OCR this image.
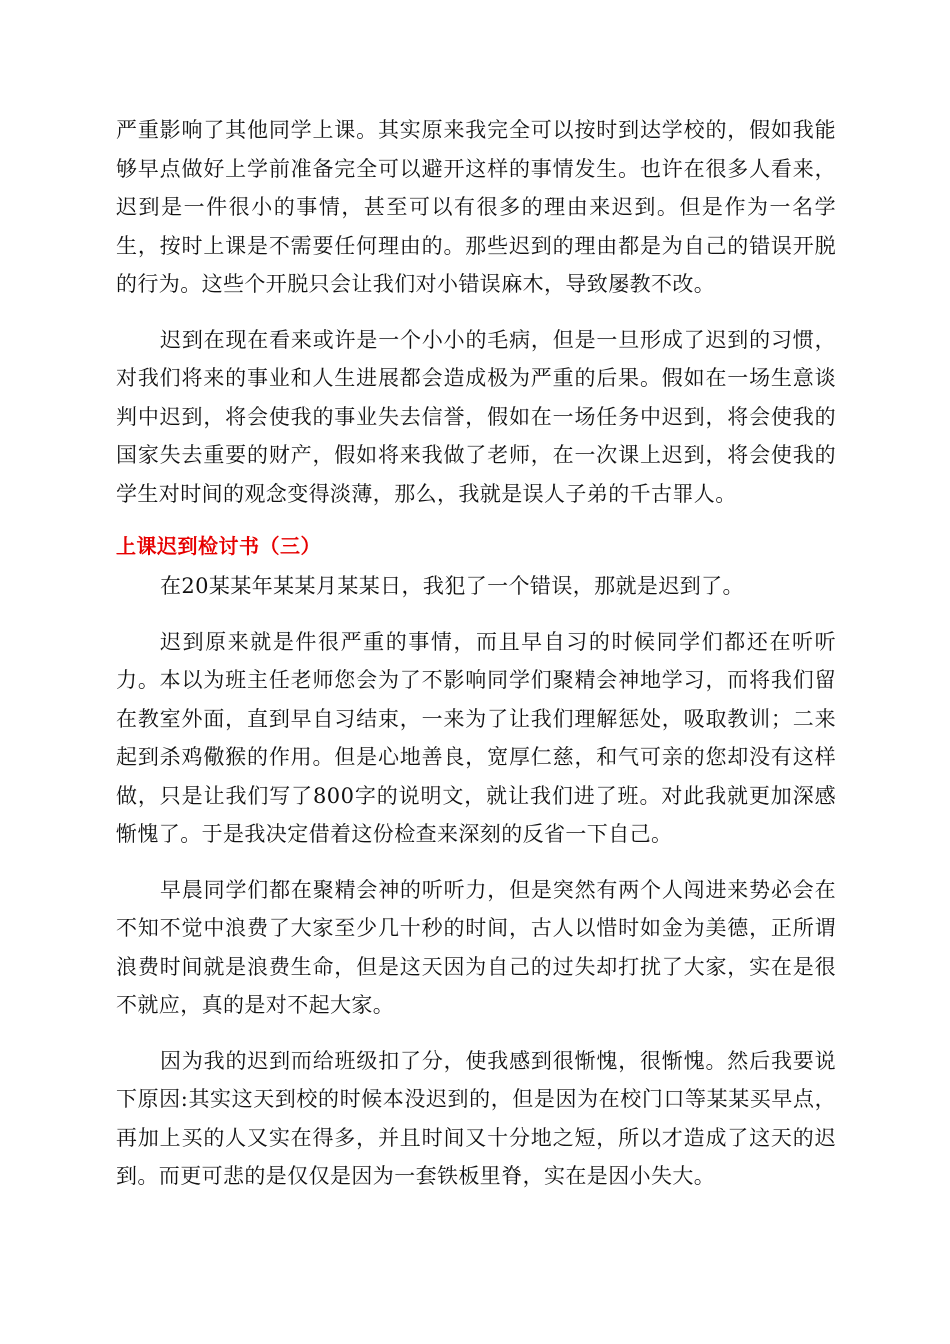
严重影响了其他同学上课。其实原来我完全可以按时到达学校的，假如我能够早点做好上学前准备完全可以避开这样的事情发生。也许在很多人看来，迟到是一件很小的事情，甚至可以有很多的理由来迟到。但是作为一名学生，按时上课是不需要任何理由的。那些迟到的理由都是为自己的错误开脱的行为。这些个开脱只会让我们对小错误麻木，导致屡教不改。

迟到在现在看来或许是一个小小的毛病，但是一旦形成了迟到的习惯，对我们将来的事业和人生进展都会造成极为严重的后果。假如在一场生意谈判中迟到，将会使我的事业失去信誉，假如在一场任务中迟到，将会使我的国家失去重要的财产，假如将来我做了老师，在一次课上迟到，将会使我的学生对时间的观念变得淡薄，那么，我就是误人子弟的千古罪人。

上课迟到检讨书（三）

在20某某年某某月某某日，我犯了一个错误，那就是迟到了。

迟到原来就是件很严重的事情，而且早自习的时候同学们都还在听听力。本以为班主任老师您会为了不影响同学们聚精会神地学习，而将我们留在教室外面，直到早自习结束，一来为了让我们理解惩处，吸取教训；二来起到杀鸡儆猴的作用。但是心地善良，宽厚仁慈，和气可亲的您却没有这样做，只是让我们写了800字的说明文，就让我们进了班。对此我就更加深感惭愧了。于是我决定借着这份检查来深刻的反省一下自己。

早晨同学们都在聚精会神的听听力，但是突然有两个人闯进来势必会在不知不觉中浪费了大家至少几十秒的时间，古人以惜时如金为美德，正所谓浪费时间就是浪费生命，但是这天因为自己的过失却打扰了大家，实在是很不就应，真的是对不起大家。

因为我的迟到而给班级扣了分，使我感到很惭愧，很惭愧。然后我要说下原因:其实这天到校的时候本没迟到的，但是因为在校门口等某某买早点，再加上买的人又实在得多，并且时间又十分地之短，所以才造成了这天的迟到。而更可悲的是仅仅是因为一套铁板里脊，实在是因小失大。
